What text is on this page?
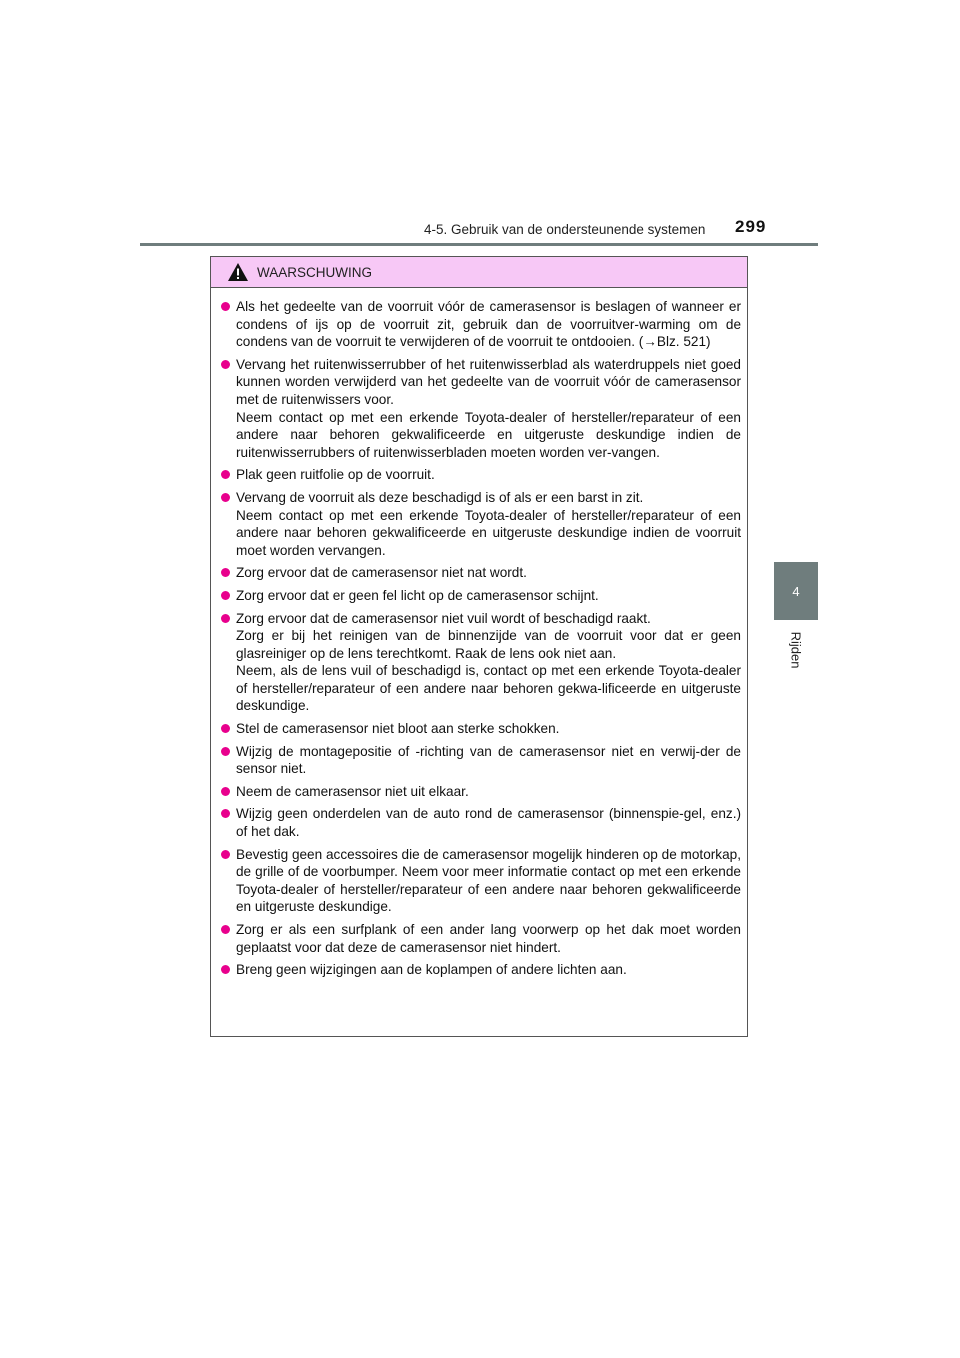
4-5. Gebruik van de ondersteunende systemen 299
4
Rijden
WAARSCHUWING
Als het gedeelte van de voorruit vóór de camerasensor is beslagen of wanneer er condens of ijs op de voorruit zit, gebruik dan de voorruitver-warming om de condens van de voorruit te verwijderen of de voorruit te ontdooien. (→Blz. 521)
Vervang het ruitenwisserrubber of het ruitenwisserblad als waterdruppels niet goed kunnen worden verwijderd van het gedeelte van de voorruit vóór de camerasensor met de ruitenwissers voor.
Neem contact op met een erkende Toyota-dealer of hersteller/reparateur of een andere naar behoren gekwalificeerde en uitgeruste deskundige indien de ruitenwisserrubbers of ruitenwisserbladen moeten worden ver-vangen.
Plak geen ruitfolie op de voorruit.
Vervang de voorruit als deze beschadigd is of als er een barst in zit.
Neem contact op met een erkende Toyota-dealer of hersteller/reparateur of een andere naar behoren gekwalificeerde en uitgeruste deskundige indien de voorruit moet worden vervangen.
Zorg ervoor dat de camerasensor niet nat wordt.
Zorg ervoor dat er geen fel licht op de camerasensor schijnt.
Zorg ervoor dat de camerasensor niet vuil wordt of beschadigd raakt.
Zorg er bij het reinigen van de binnenzijde van de voorruit voor dat er geen glasreiniger op de lens terechtkomt. Raak de lens ook niet aan.
Neem, als de lens vuil of beschadigd is, contact op met een erkende Toyota-dealer of hersteller/reparateur of een andere naar behoren gekwa-lificeerde en uitgeruste deskundige.
Stel de camerasensor niet bloot aan sterke schokken.
Wijzig de montagepositie of -richting van de camerasensor niet en verwij-der de sensor niet.
Neem de camerasensor niet uit elkaar.
Wijzig geen onderdelen van de auto rond de camerasensor (binnenspie-gel, enz.) of het dak.
Bevestig geen accessoires die de camerasensor mogelijk hinderen op de motorkap, de grille of de voorbumper. Neem voor meer informatie contact op met een erkende Toyota-dealer of hersteller/reparateur of een andere naar behoren gekwalificeerde en uitgeruste deskundige.
Zorg er als een surfplank of een ander lang voorwerp op het dak moet worden geplaatst voor dat deze de camerasensor niet hindert.
Breng geen wijzigingen aan de koplampen of andere lichten aan.
